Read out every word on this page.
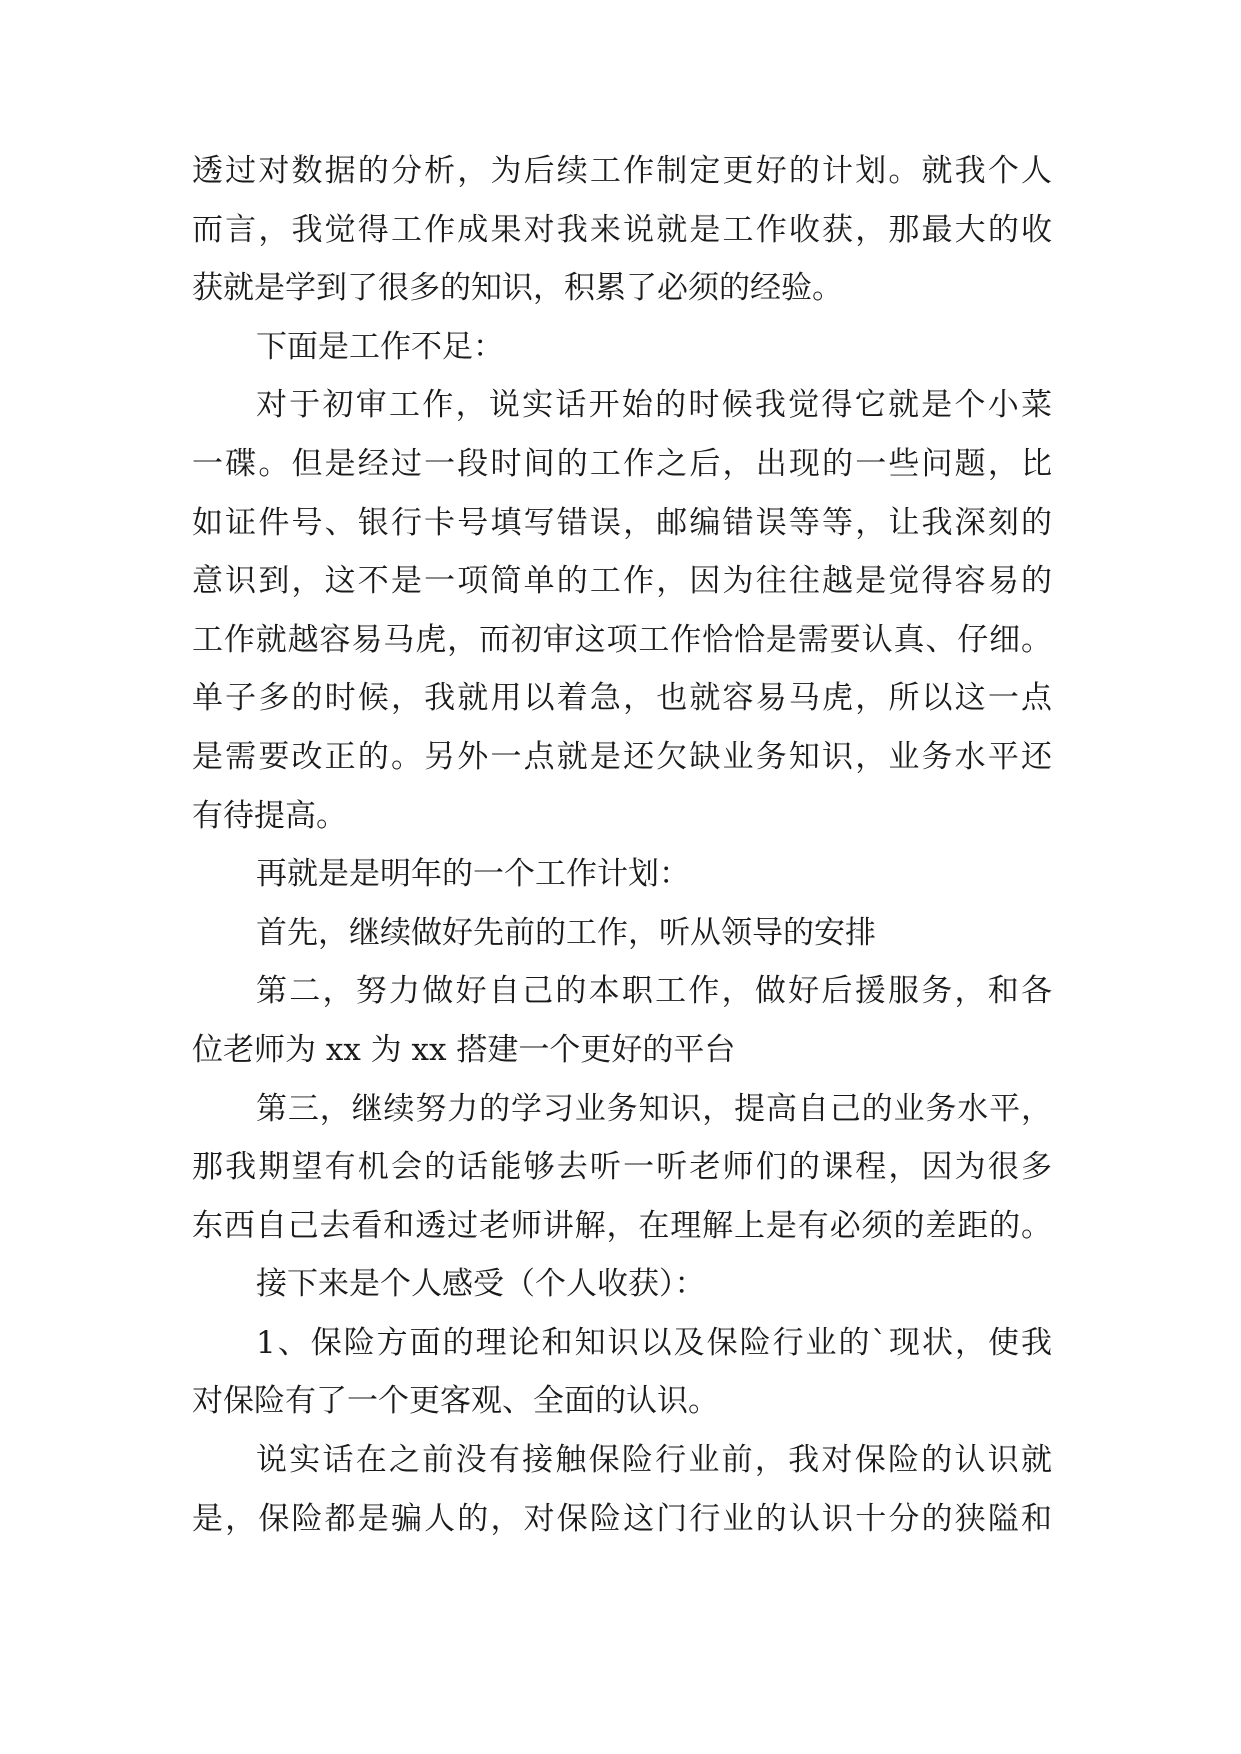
透过对数据的分析，为后续工作制定更好的计划。就我个人
而言，我觉得工作成果对我来说就是工作收获，那最大的收
获就是学到了很多的知识，积累了必须的经验。
下面是工作不足：
对于初审工作，说实话开始的时候我觉得它就是个小菜
一碟。但是经过一段时间的工作之后，出现的一些问题，比
如证件号、银行卡号填写错误，邮编错误等等，让我深刻的
意识到，这不是一项简单的工作，因为往往越是觉得容易的
工作就越容易马虎，而初审这项工作恰恰是需要认真、仔细。
单子多的时候，我就用以着急，也就容易马虎，所以这一点
是需要改正的。另外一点就是还欠缺业务知识，业务水平还
有待提高。
再就是是明年的一个工作计划：
首先，继续做好先前的工作，听从领导的安排
第二，努力做好自己的本职工作，做好后援服务，和各
位老师为 xx 为 xx 搭建一个更好的平台
第三，继续努力的学习业务知识，提高自己的业务水平，
那我期望有机会的话能够去听一听老师们的课程，因为很多
东西自己去看和透过老师讲解，在理解上是有必须的差距的。
接下来是个人感受（个人收获）：
1、保险方面的理论和知识以及保险行业的`现状，使我
对保险有了一个更客观、全面的认识。
说实话在之前没有接触保险行业前，我对保险的认识就
是，保险都是骗人的，对保险这门行业的认识十分的狭隘和
